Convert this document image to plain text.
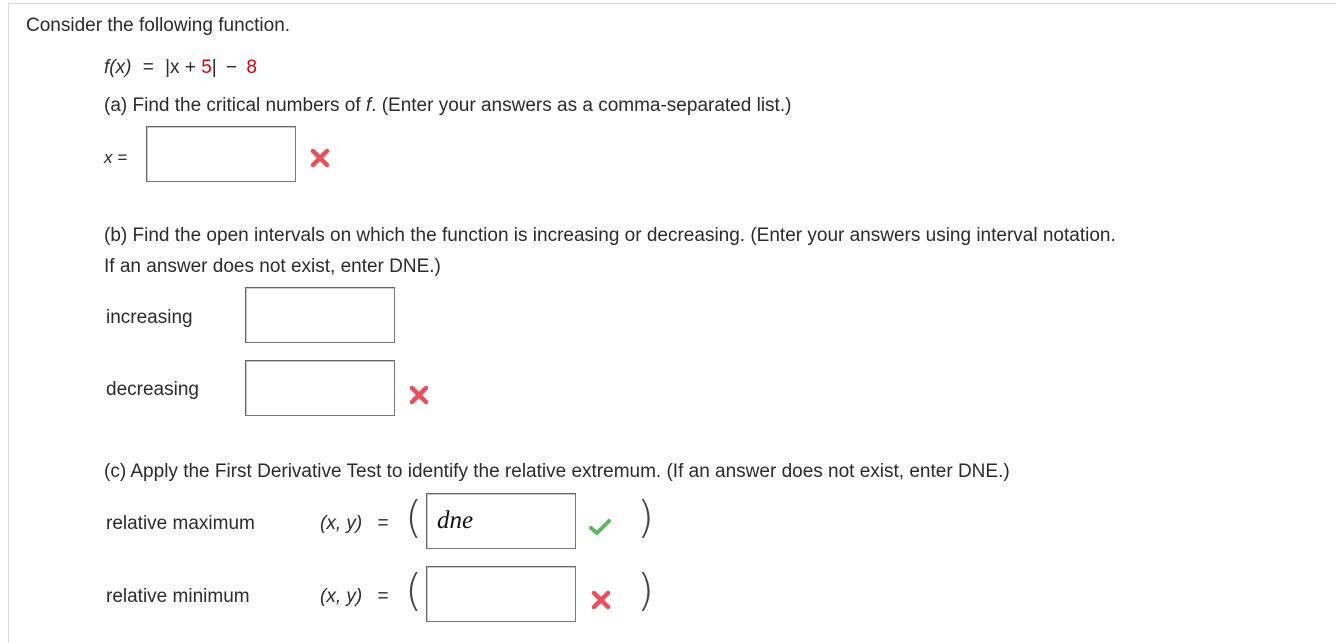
Consider the following function.
f(x) = |x + 5| − 8
(a) Find the critical numbers of f. (Enter your answers as a comma-separated list.)
x =
(b) Find the open intervals on which the function is increasing or decreasing. (Enter your answers using interval notation.
If an answer does not exist, enter DNE.)
increasing
decreasing
(c) Apply the First Derivative Test to identify the relative extremum. (If an answer does not exist, enter DNE.)
relative maximum	(x, y) = (
dne	)
relative minimum	(x, y) = (	)
